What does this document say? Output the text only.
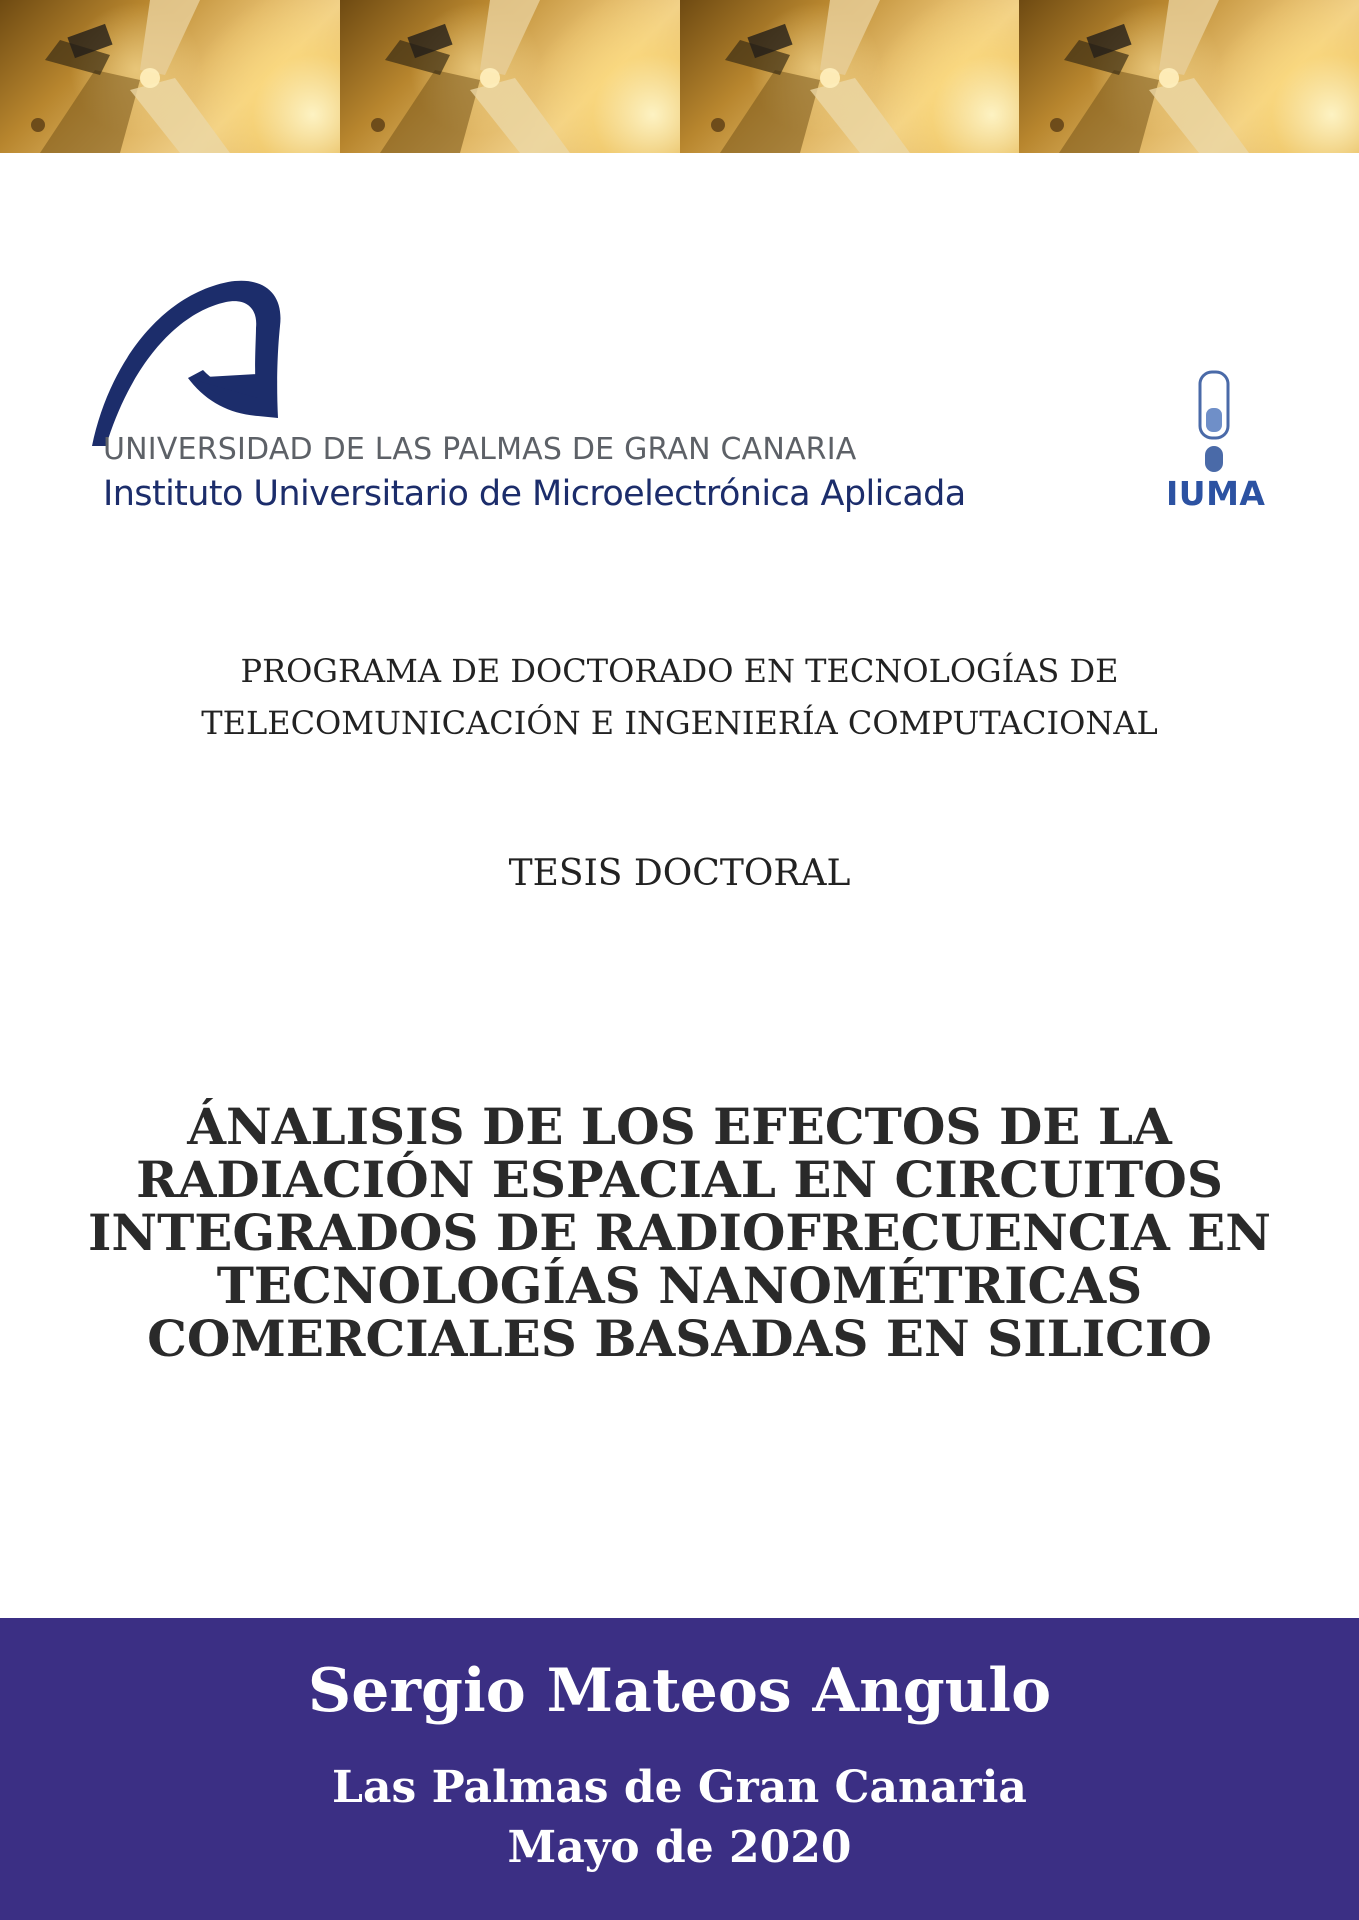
UNIVERSIDAD DE LAS PALMAS DE GRAN CANARIA
Instituto Universitario de Microelectrónica Aplicada	IUMA
PROGRAMA DE DOCTORADO EN TECNOLOGÍAS DE
TELECOMUNICACIÓN E INGENIERÍA COMPUTACIONAL
TESIS DOCTORAL
ÁNALISIS DE LOS EFECTOS DE LA
RADIACIÓN ESPACIAL EN CIRCUITOS
INTEGRADOS DE RADIOFRECUENCIA EN
TECNOLOGÍAS NANOMÉTRICAS
COMERCIALES BASADAS EN SILICIO
Sergio Mateos Angulo
Las Palmas de Gran Canaria
Mayo de 2020
